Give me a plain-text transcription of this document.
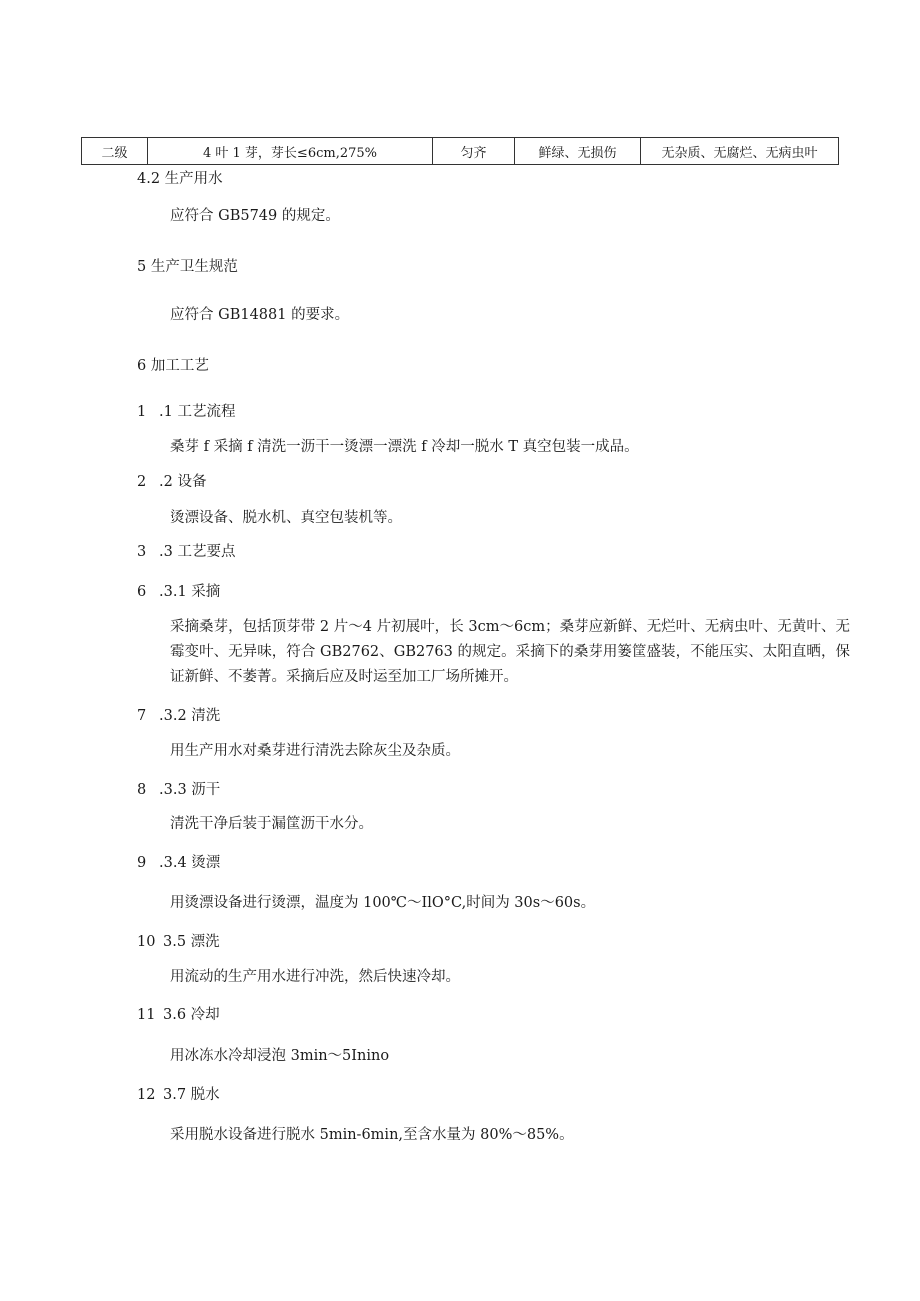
二级	4 叶 1 芽，芽长≤6cm,275%	匀齐	鲜绿、无损伤	无杂质、无腐烂、无病虫叶
4.2 生产用水
应符合 GB5749 的规定。
5 生产卫生规范
应符合 GB14881 的要求。
6 加工工艺
1 .1 工艺流程
桑芽 f 采摘 f 清洗一沥干一烫漂一漂洗 f 冷却一脱水 T 真空包装一成品。
2 .2 设备
烫漂设备、脱水机、真空包装机等。
3 .3 工艺要点
6 .3.1 采摘
采摘桑芽，包括顶芽带 2 片～4 片初展叶，长 3cm～6cm；桑芽应新鲜、无烂叶、无病虫叶、无黄叶、无霉变叶、无异味，符合 GB2762、GB2763 的规定。采摘下的桑芽用篓筐盛装，不能压实、太阳直晒，保证新鲜、不萎菁。采摘后应及时运至加工厂场所摊开。
7 .3.2 清洗
用生产用水对桑芽进行清洗去除灰尘及杂质。
8 .3.3 沥干
清洗干净后装于漏筐沥干水分。
9 .3.4 烫漂
用烫漂设备进行烫漂，温度为 100℃～IlO°C,时间为 30s～60s。
10 3.5 漂洗
用流动的生产用水进行冲洗，然后快速冷却。
11 3.6 冷却
用冰冻水冷却浸泡 3min～5Inino
12 3.7 脱水
采用脱水设备进行脱水 5min-6min,至含水量为 80%～85%。
